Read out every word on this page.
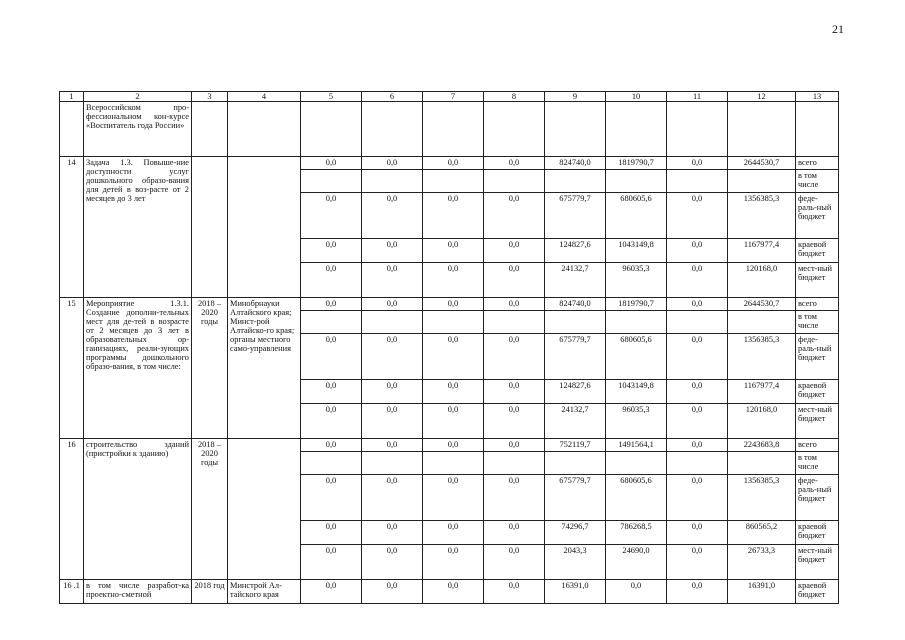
21
1	2	3	4	5	6	7	8	9	10	11	12	13
	Всероссийском про-фессиональном кон-курсе «Воспитатель года России»											
14	Задача 1.3. Повыше-ние доступности услуг дошкольного образо-вания для детей в воз-расте от 2 месяцев до 3 лет			0,0	0,0	0,0	0,0	824740,0	1819790,7	0,0	2644530,7	всего
												в том числе
				0,0	0,0	0,0	0,0	675779,7	680605,6	0,0	1356385,3	феде-раль-ный бюджет
				0,0	0,0	0,0	0,0	124827,6	1043149,8	0,0	1167977,4	краевой бюджет
				0,0	0,0	0,0	0,0	24132,7	96035,3	0,0	120168,0	мест-ный бюджет
15	Мероприятие 1.3.1. Создание дополни-тельных мест для де-тей в возрасте от 2 месяцев до 3 лет в образовательных ор-ганизациях, реали-зующих программы дошкольного образо-вания, в том числе:	2018 – 2020 годы	Минобрнауки Алтайского края; Минст-рой Алтайско-го края; органы местного само-управления	0,0	0,0	0,0	0,0	824740,0	1819790,7	0,0	2644530,7	всего
												в том числе
				0,0	0,0	0,0	0,0	675779,7	680605,6	0,0	1356385,3	феде-раль-ный бюджет
				0,0	0,0	0,0	0,0	124827,6	1043149,8	0,0	1167977,4	краевой бюджет
				0,0	0,0	0,0	0,0	24132,7	96035,3	0,0	120168,0	мест-ный бюджет
16	строительство зданий (пристройки к зданию)	2018 – 2020 годы		0,0	0,0	0,0	0,0	752119,7	1491564,1	0,0	2243683,8	всего
												в том числе
				0,0	0,0	0,0	0,0	675779,7	680605,6	0,0	1356385,3	феде-раль-ный бюджет
				0,0	0,0	0,0	0,0	74296,7	786268,5	0,0	860565,2	краевой бюджет
				0,0	0,0	0,0	0,0	2043,3	24690,0	0,0	26733,3	мест-ный бюджет
16 .1	в том числе разработ-ка проектно-сметной	2018 год	Минстрой Ал-тайского края	0,0	0,0	0,0	0,0	16391,0	0,0	0,0	16391,0	краевой бюджет
